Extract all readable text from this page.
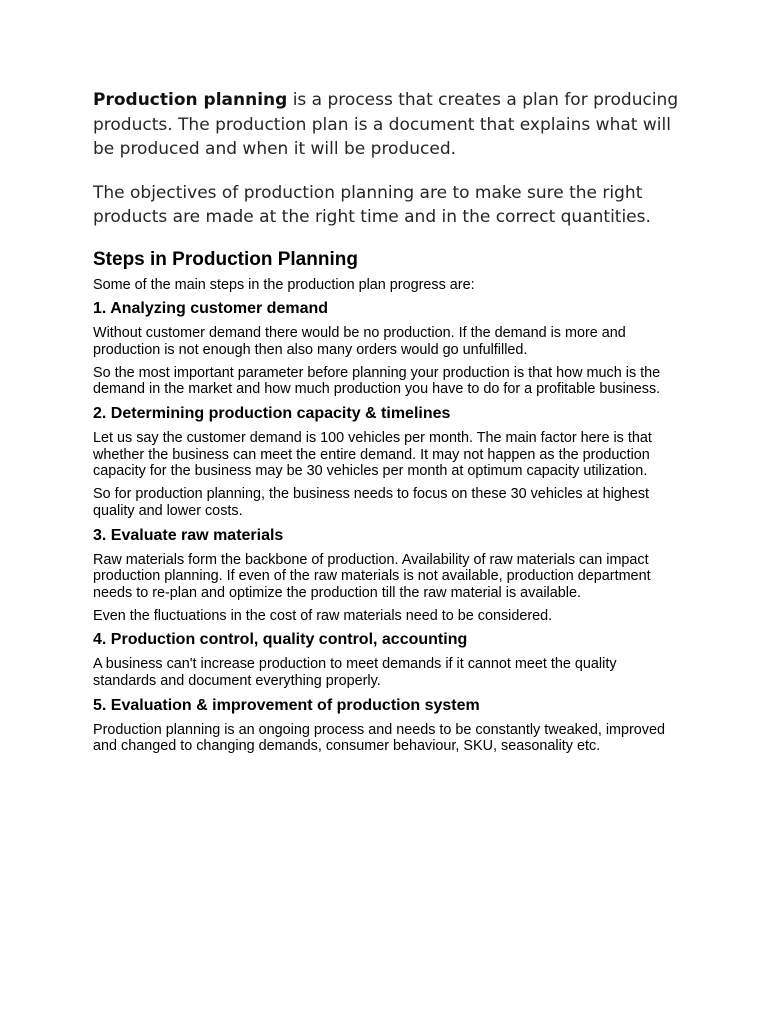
Production planning is a process that creates a plan for producing products. The production plan is a document that explains what will be produced and when it will be produced.

The objectives of production planning are to make sure the right products are made at the right time and in the correct quantities.

Steps in Production Planning

Some of the main steps in the production plan progress are:

1. Analyzing customer demand

Without customer demand there would be no production. If the demand is more and production is not enough then also many orders would go unfulfilled.

So the most important parameter before planning your production is that how much is the demand in the market and how much production you have to do for a profitable business.

2. Determining production capacity & timelines

Let us say the customer demand is 100 vehicles per month. The main factor here is that whether the business can meet the entire demand. It may not happen as the production capacity for the business may be 30 vehicles per month at optimum capacity utilization.

So for production planning, the business needs to focus on these 30 vehicles at highest quality and lower costs.

3. Evaluate raw materials

Raw materials form the backbone of production. Availability of raw materials can impact production planning. If even of the raw materials is not available, production department needs to re-plan and optimize the production till the raw material is available.

Even the fluctuations in the cost of raw materials need to be considered.

4. Production control, quality control, accounting

A business can't increase production to meet demands if it cannot meet the quality standards and document everything properly.

5. Evaluation & improvement of production system

Production planning is an ongoing process and needs to be constantly tweaked, improved and changed to changing demands, consumer behaviour, SKU, seasonality etc.
